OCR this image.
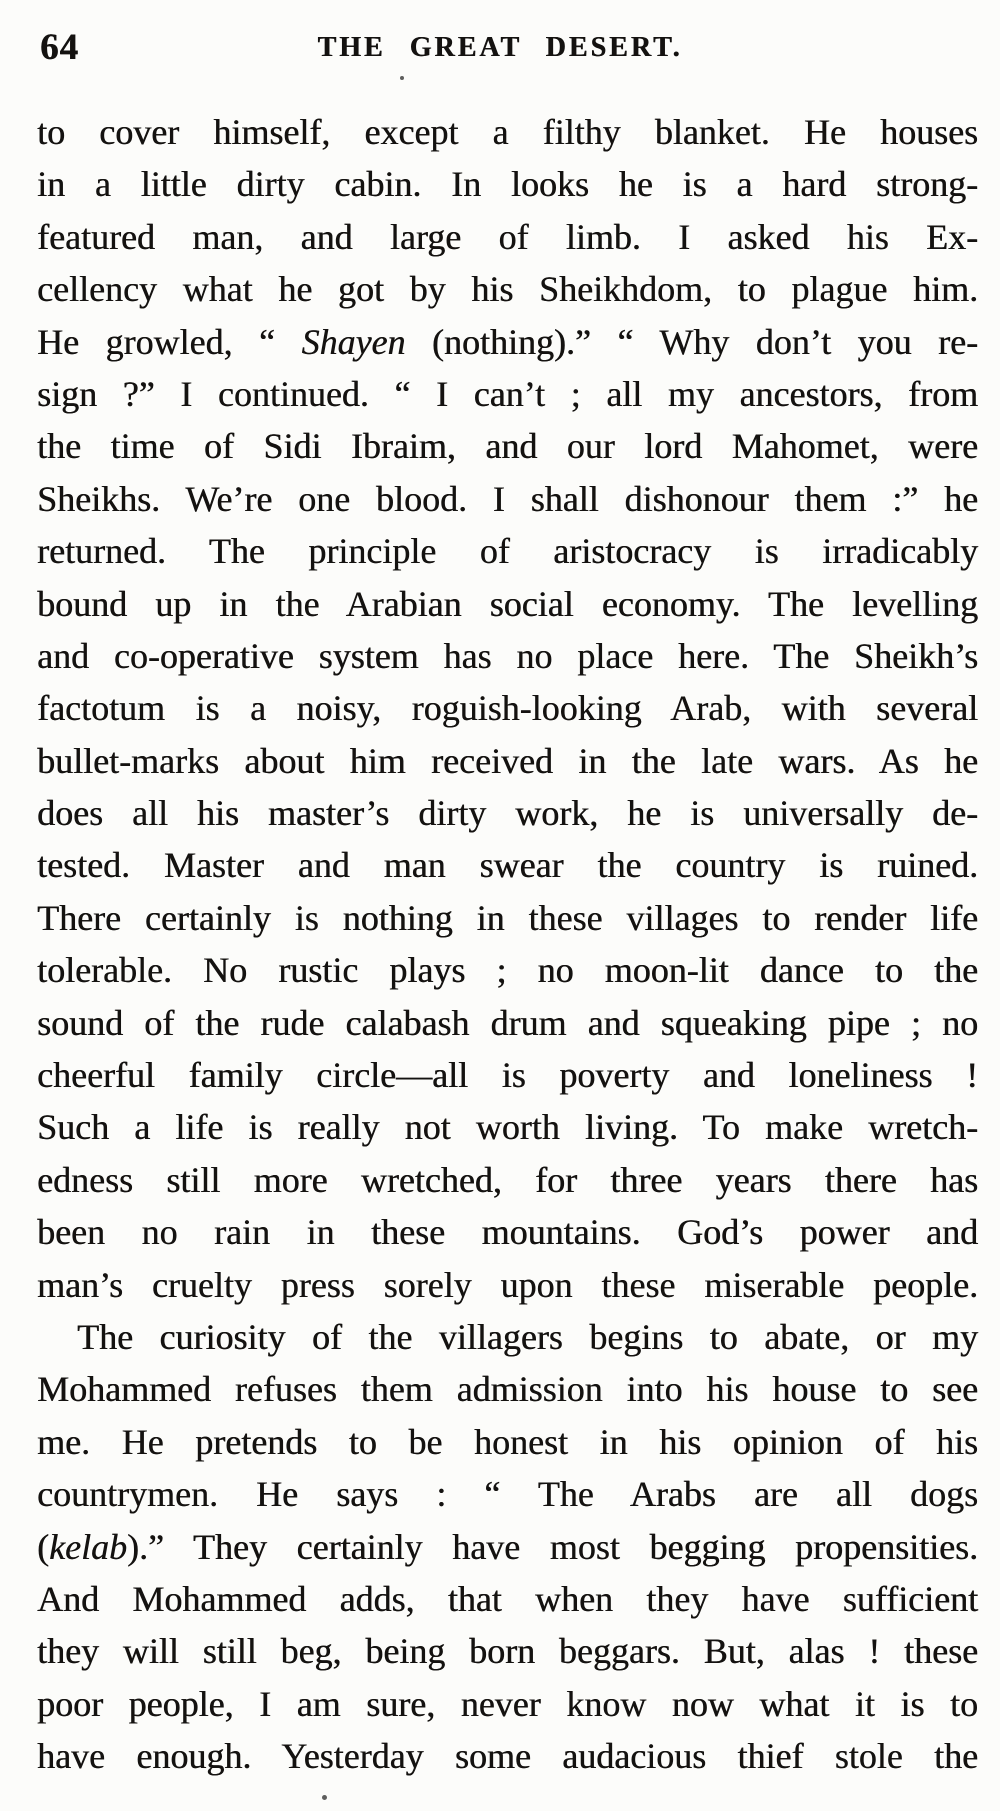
64	THE GREAT DESERT.
to cover himself, except a filthy blanket. He houses
in a little dirty cabin. In looks he is a hard strong-
featured man, and large of limb. I asked his Ex-
cellency what he got by his Sheikhdom, to plague him.
He growled, “ Shayen (nothing).” “ Why don’t you re-
sign ?” I continued. “ I can’t ; all my ancestors, from
the time of Sidi Ibraim, and our lord Mahomet, were
Sheikhs. We’re one blood. I shall dishonour them :” he
returned. The principle of aristocracy is irradicably
bound up in the Arabian social economy. The levelling
and co-operative system has no place here. The Sheikh’s
factotum is a noisy, roguish-looking Arab, with several
bullet-marks about him received in the late wars. As he
does all his master’s dirty work, he is universally de-
tested. Master and man swear the country is ruined.
There certainly is nothing in these villages to render life
tolerable. No rustic plays ; no moon-lit dance to the
sound of the rude calabash drum and squeaking pipe ; no
cheerful family circle—all is poverty and loneliness !
Such a life is really not worth living. To make wretch-
edness still more wretched, for three years there has
been no rain in these mountains. God’s power and
man’s cruelty press sorely upon these miserable people.
The curiosity of the villagers begins to abate, or my
Mohammed refuses them admission into his house to see
me. He pretends to be honest in his opinion of his
countrymen. He says : “ The Arabs are all dogs
(kelab).” They certainly have most begging propensities.
And Mohammed adds, that when they have sufficient
they will still beg, being born beggars. But, alas ! these
poor people, I am sure, never know now what it is to
have enough. Yesterday some audacious thief stole the
